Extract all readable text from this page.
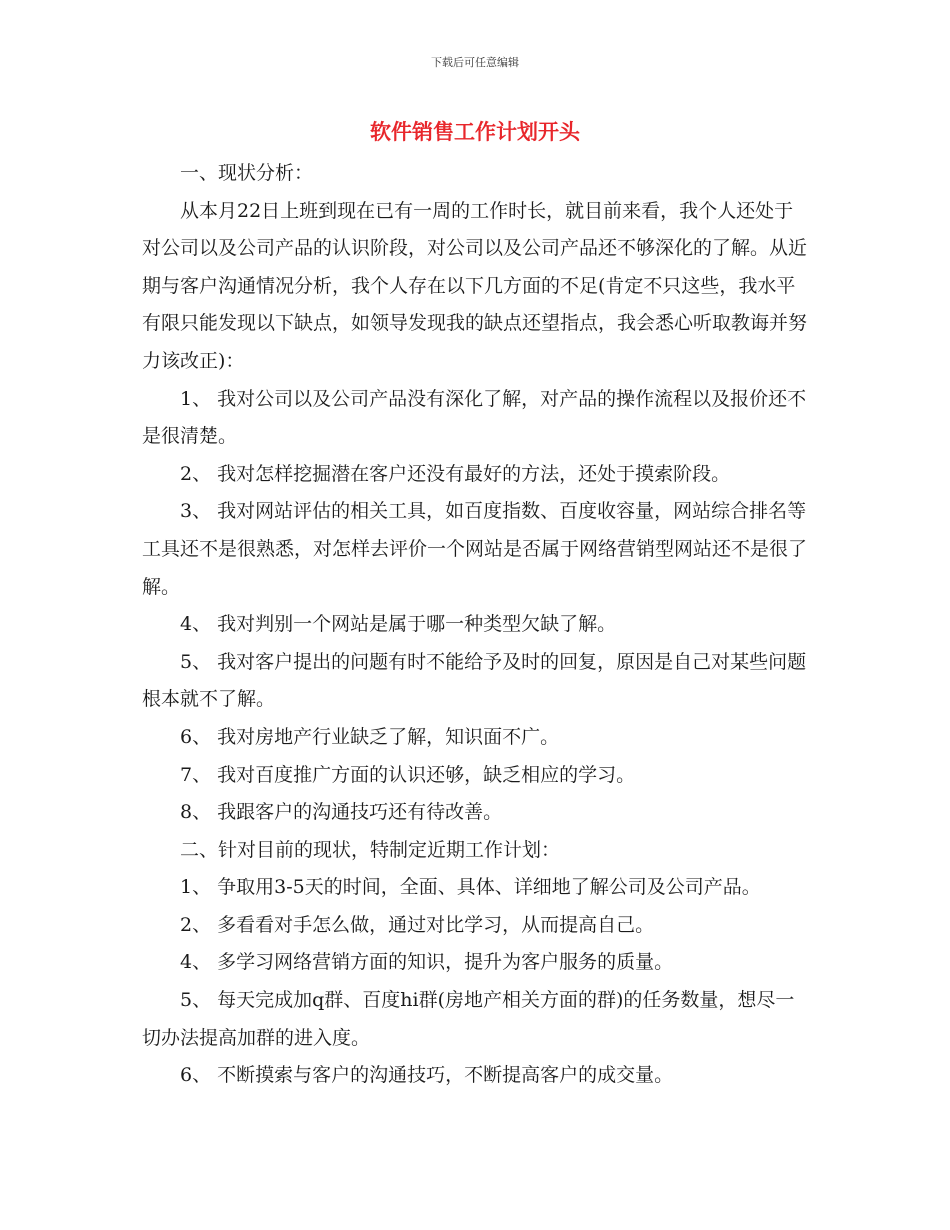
下载后可任意编辑
软件销售工作计划开头

一、现状分析：

从本月22日上班到现在已有一周的工作时长，就目前来看，我个人还处于对公司以及公司产品的认识阶段，对公司以及公司产品还不够深化的了解。从近期与客户沟通情况分析，我个人存在以下几方面的不足(肯定不只这些，我水平有限只能发现以下缺点，如领导发现我的缺点还望指点，我会悉心听取教诲并努力该改正)：

1、 我对公司以及公司产品没有深化了解，对产品的操作流程以及报价还不是很清楚。

2、 我对怎样挖掘潜在客户还没有最好的方法，还处于摸索阶段。

3、 我对网站评估的相关工具，如百度指数、百度收容量，网站综合排名等工具还不是很熟悉，对怎样去评价一个网站是否属于网络营销型网站还不是很了解。

4、 我对判别一个网站是属于哪一种类型欠缺了解。

5、 我对客户提出的问题有时不能给予及时的回复，原因是自己对某些问题根本就不了解。

6、 我对房地产行业缺乏了解，知识面不广。

7、 我对百度推广方面的认识还够，缺乏相应的学习。

8、 我跟客户的沟通技巧还有待改善。

二、针对目前的现状，特制定近期工作计划：

1、 争取用3-5天的时间，全面、具体、详细地了解公司及公司产品。

2、 多看看对手怎么做，通过对比学习，从而提高自己。

4、 多学习网络营销方面的知识，提升为客户服务的质量。

5、 每天完成加q群、百度hi群(房地产相关方面的群)的任务数量，想尽一切办法提高加群的进入度。

6、 不断摸索与客户的沟通技巧，不断提高客户的成交量。
